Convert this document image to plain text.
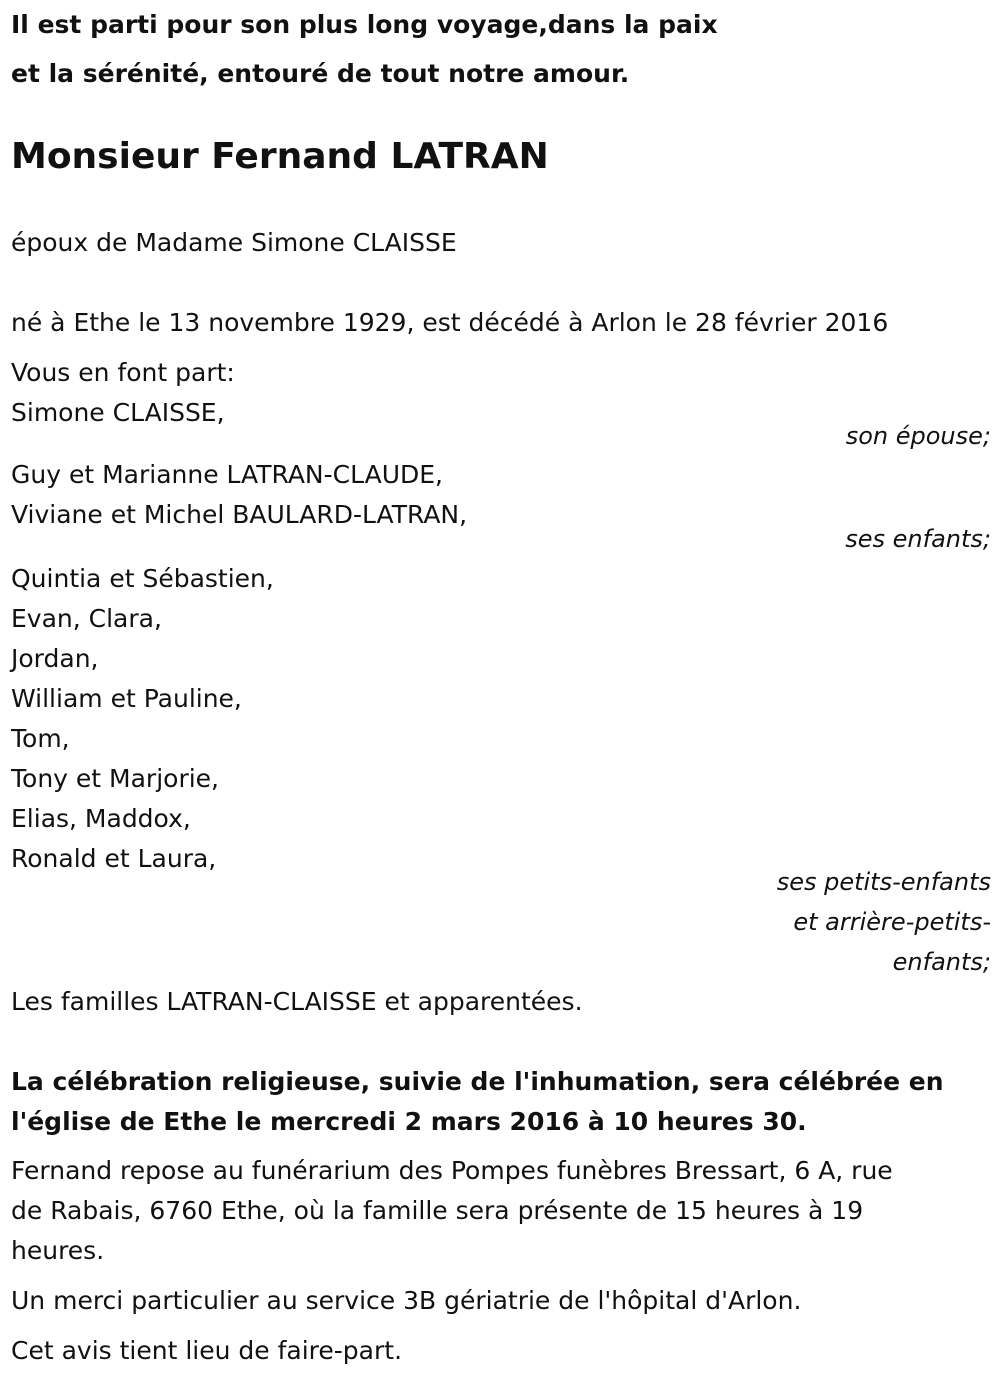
Il est parti pour son plus long voyage,dans la paix

et la sérénité, entouré de tout notre amour.

Monsieur Fernand LATRAN

époux de Madame Simone CLAISSE

né à Ethe le 13 novembre 1929, est décédé à Arlon le 28 février 2016

Vous en font part:

Simone CLAISSE,

son épouse;

Guy et Marianne LATRAN-CLAUDE,

Viviane et Michel BAULARD-LATRAN,

ses enfants;

Quintia et Sébastien,

Evan, Clara,

Jordan,

William et Pauline,

Tom,

Tony et Marjorie,

Elias, Maddox,

Ronald et Laura,

ses petits-enfants

et arrière-petits-

enfants;

Les familles LATRAN-CLAISSE et apparentées.

La célébration religieuse, suivie de l'inhumation, sera célébrée en

l'église de Ethe le mercredi 2 mars 2016 à 10 heures 30.

Fernand repose au funérarium des Pompes funèbres Bressart, 6 A, rue

de Rabais, 6760 Ethe, où la famille sera présente de 15 heures à 19

heures.

Un merci particulier au service 3B gériatrie de l'hôpital d'Arlon.

Cet avis tient lieu de faire-part.
